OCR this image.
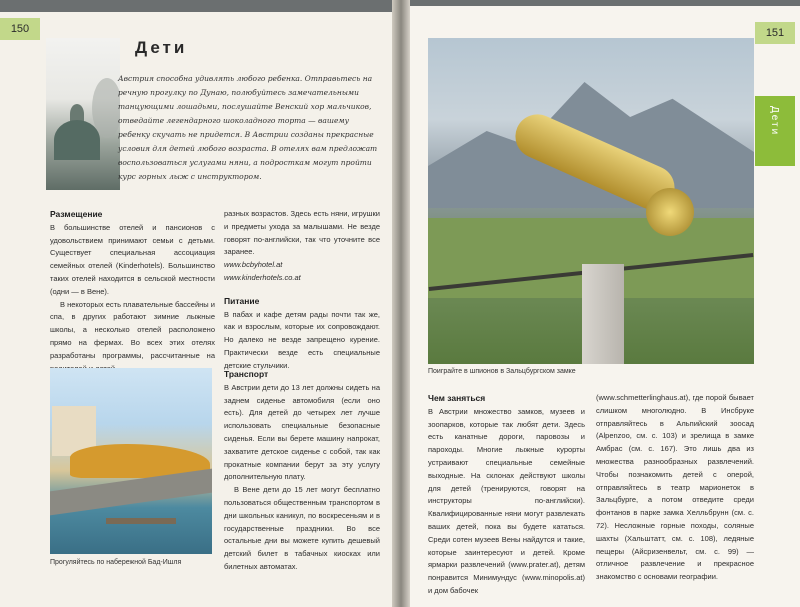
150	151
Дети
Дети
Австрия способна удивлять любого ребенка. Отправьтесь на речную прогулку по Дунаю, полюбуйтесь замечательными танцующими лошадьми, послушайте Венский хор мальчиков, отведайте легендарного шоколадного торта — вашему ребенку скучать не придется. В Австрии созданы прекрасные условия для детей любого возраста. В отелях вам предложат воспользоваться услугами няни, а подросткам могут пройти курс горных лыж с инструктором.
Размещение

В большинстве отелей и пансионов с удовольствием принимают семьи с детьми. Существует специальная ассоциация семейных отелей (Kinderhotels). Большинство таких отелей находится в сельской местности (одни — в Вене).

В некоторых есть плавательные бассейны и спа, в других работают зимние лыжные школы, а несколько отелей расположено прямо на фермах. Во всех этих отелях разработаны программы, рассчитанные на

разных возрастов. Здесь есть няни, игрушки и предметы ухода за малышами. Не везде говорят по-английски, так что уточните все заранее.

www.bcbyhotel.at

www.kinderhotels.co.at

Питание

В пабах и кафе детям рады почти так же, как и взрослым, которые их сопровождают. Но далеко не везде запрещено курение. Практически везде есть специальные детские стульчики.

Транспорт

В Австрии дети до 13 лет должны сидеть на заднем сиденье автомобиля (если оно есть). Для детей до четырех лет лучше использовать специальные безопасные сиденья. Если вы берете машину напрокат, захватите детское сиденье с собой, так как прокатные компании берут за эту услугу дополнительную плату.

В Вене дети до 15 лет могут бесплатно пользоваться общественным транспортом в дни школьных каникул, по воскресеньям и в государственные праздники. Во все остальные дни вы можете купить дешевый детский билет в табачных киосках или билетных автоматах.

Прогуляйтесь по набережной Бад-Ишля
Поиграйте в шпионов в Зальцбургском замке
Чем заняться

В Австрии множество замков, музеев и зоопарков, которые так любят дети. Здесь есть канатные дороги, паровозы и пароходы. Многие лыжные курорты устраивают специальные семейные выходные. На склонах действуют школы для детей (тренируются, говорят на инструкторы по-английски). Квалифицированные няни могут развлекать ваших детей, пока вы будете кататься. Среди сотен музеев Вены найдутся и такие, которые заинтересуют и детей. Кроме ярмарки развлечений (www.prater.at), детям понравится Минимундус (www.minopolis.at) и дом бабочек

(www.schmetterlinghaus.at), где порой бывает слишком многолюдно. В Инсбруке отправляйтесь в Альпийский зоосад (Alpenzoo, см. с. 103) и зрелища в замке Амбрас (см. с. 167). Это лишь два из множества разнообразных развлечений. Чтобы познакомить детей с оперой, отправляйтесь в театр марионеток в Зальцбурге, а потом отведите среди фонтанов в парке замка Хелльбрунн (см. с. 72). Несложные горные походы, соляные шахты (Хальштатт, см. с. 108), ледяные пещеры (Айсризенвельт, см. с. 99) — отличное развлечение и прекрасное знакомство с основами географии.
